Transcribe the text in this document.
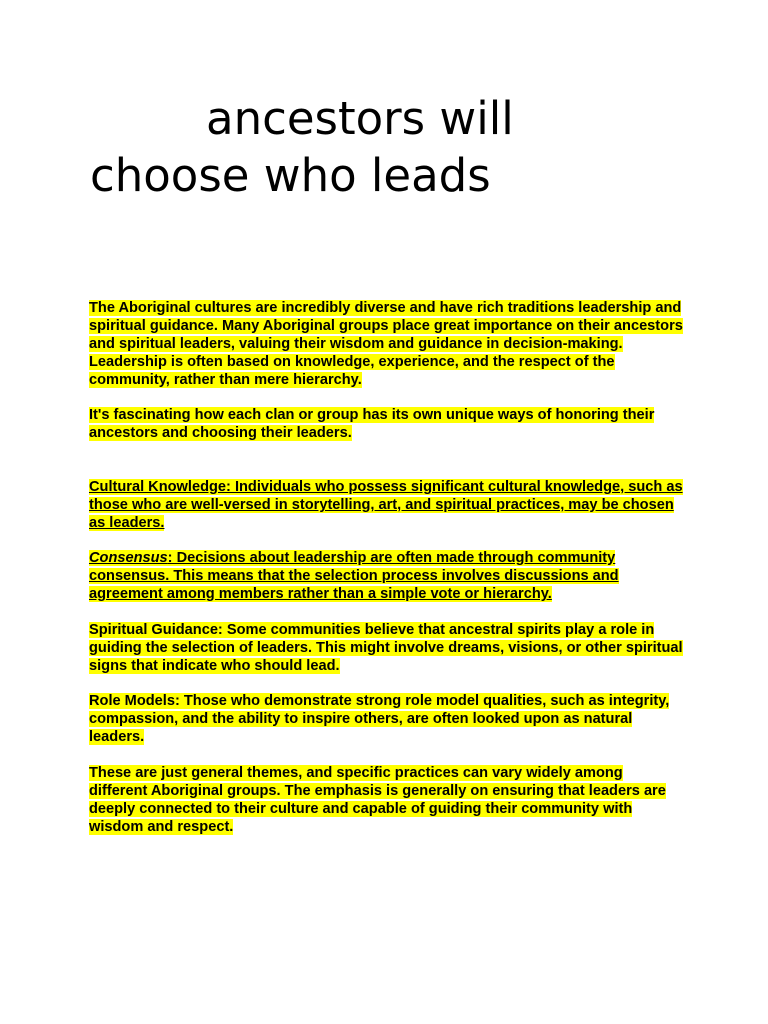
ancestors will
choose who leads

The Aboriginal cultures are incredibly diverse and have rich traditions leadership and spiritual guidance. Many Aboriginal groups place great importance on their ancestors and spiritual leaders, valuing their wisdom and guidance in decision-making. Leadership is often based on knowledge, experience, and the respect of the community, rather than mere hierarchy.

It's fascinating how each clan or group has its own unique ways of honoring their ancestors and choosing their leaders.

Cultural Knowledge: Individuals who possess significant cultural knowledge, such as those who are well-versed in storytelling, art, and spiritual practices, may be chosen as leaders.

Consensus: Decisions about leadership are often made through community consensus. This means that the selection process involves discussions and agreement among members rather than a simple vote or hierarchy.

Spiritual Guidance: Some communities believe that ancestral spirits play a role in guiding the selection of leaders. This might involve dreams, visions, or other spiritual signs that indicate who should lead.

Role Models: Those who demonstrate strong role model qualities, such as integrity, compassion, and the ability to inspire others, are often looked upon as natural leaders.

These are just general themes, and specific practices can vary widely among different Aboriginal groups. The emphasis is generally on ensuring that leaders are deeply connected to their culture and capable of guiding their community with wisdom and respect.
